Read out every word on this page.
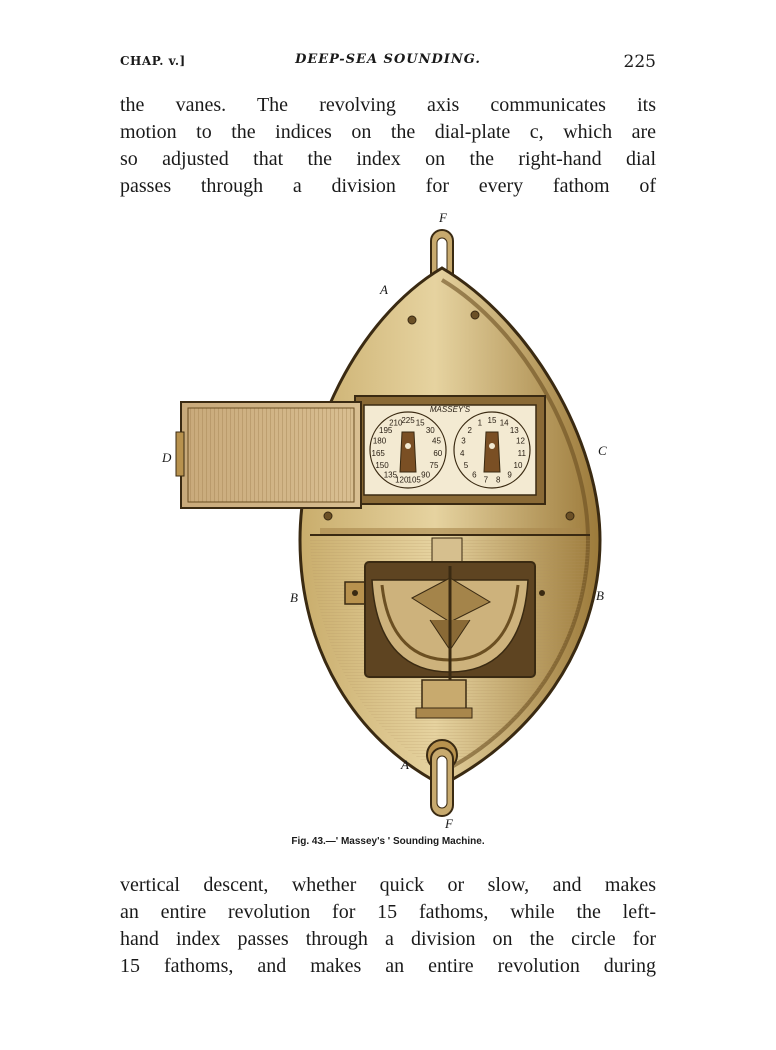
CHAP. v.]	DEEP-SEA SOUNDING.	225
the vanes. The revolving axis communicates its
motion to the indices on the dial-plate c, which are
so adjusted that the index on the right-hand dial
passes through a division for every fathom of
225 15
30
45
60
75
90
105
120
135
150
165
180
195
210	15 14
13
12
11
10
9
8
7
6
5
4
3
2
1
MASSEY'S
F
A
D	C
B	B
A
F
Fig. 43.—' Massey's ' Sounding Machine.
vertical descent, whether quick or slow, and makes
an entire revolution for 15 fathoms, while the left-
hand index passes through a division on the circle for
15 fathoms, and makes an entire revolution during
